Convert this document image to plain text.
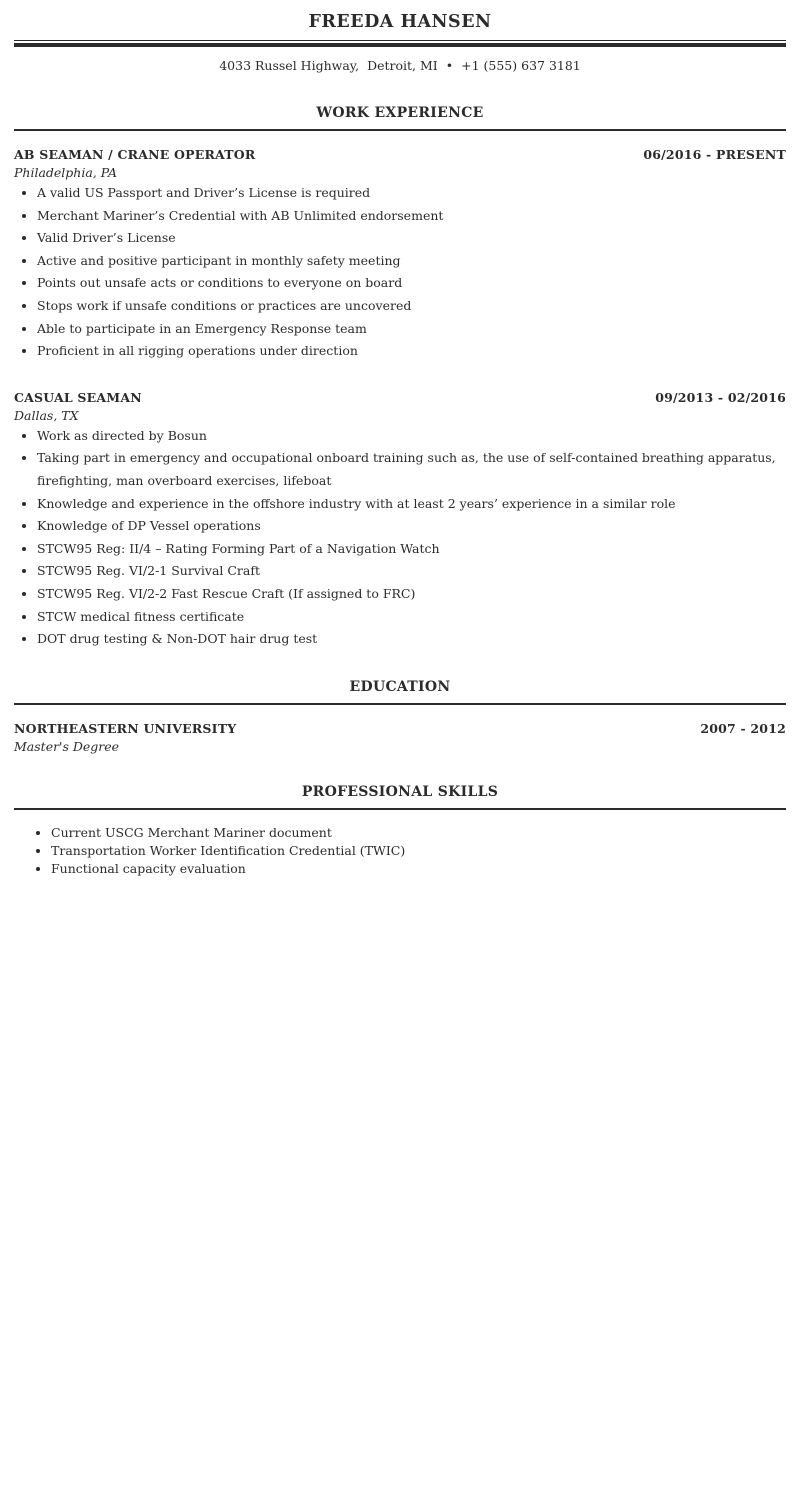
FREEDA HANSEN
4033 Russel Highway,  Detroit, MI • +1 (555) 637 3181
WORK EXPERIENCE
AB SEAMAN / CRANE OPERATOR	06/2016 - PRESENT
Philadelphia, PA
• A valid US Passport and Driver’s License is required
• Merchant Mariner’s Credential with AB Unlimited endorsement
• Valid Driver’s License
• Active and positive participant in monthly safety meeting
• Points out unsafe acts or conditions to everyone on board
• Stops work if unsafe conditions or practices are uncovered
• Able to participate in an Emergency Response team
• Proficient in all rigging operations under direction
CASUAL SEAMAN	09/2013 - 02/2016
Dallas, TX
• Work as directed by Bosun
• Taking part in emergency and occupational onboard training such as, the use of self-contained breathing apparatus, firefighting, man overboard exercises, lifeboat
• Knowledge and experience in the offshore industry with at least 2 years’ experience in a similar role
• Knowledge of DP Vessel operations
• STCW95 Reg: II/4 – Rating Forming Part of a Navigation Watch
• STCW95 Reg. VI/2-1 Survival Craft
• STCW95 Reg. VI/2-2 Fast Rescue Craft (If assigned to FRC)
• STCW medical fitness certificate
• DOT drug testing & Non-DOT hair drug test
EDUCATION
NORTHEASTERN UNIVERSITY	2007 - 2012
Master's Degree
PROFESSIONAL SKILLS
• Current USCG Merchant Mariner document
• Transportation Worker Identification Credential (TWIC)
• Functional capacity evaluation
